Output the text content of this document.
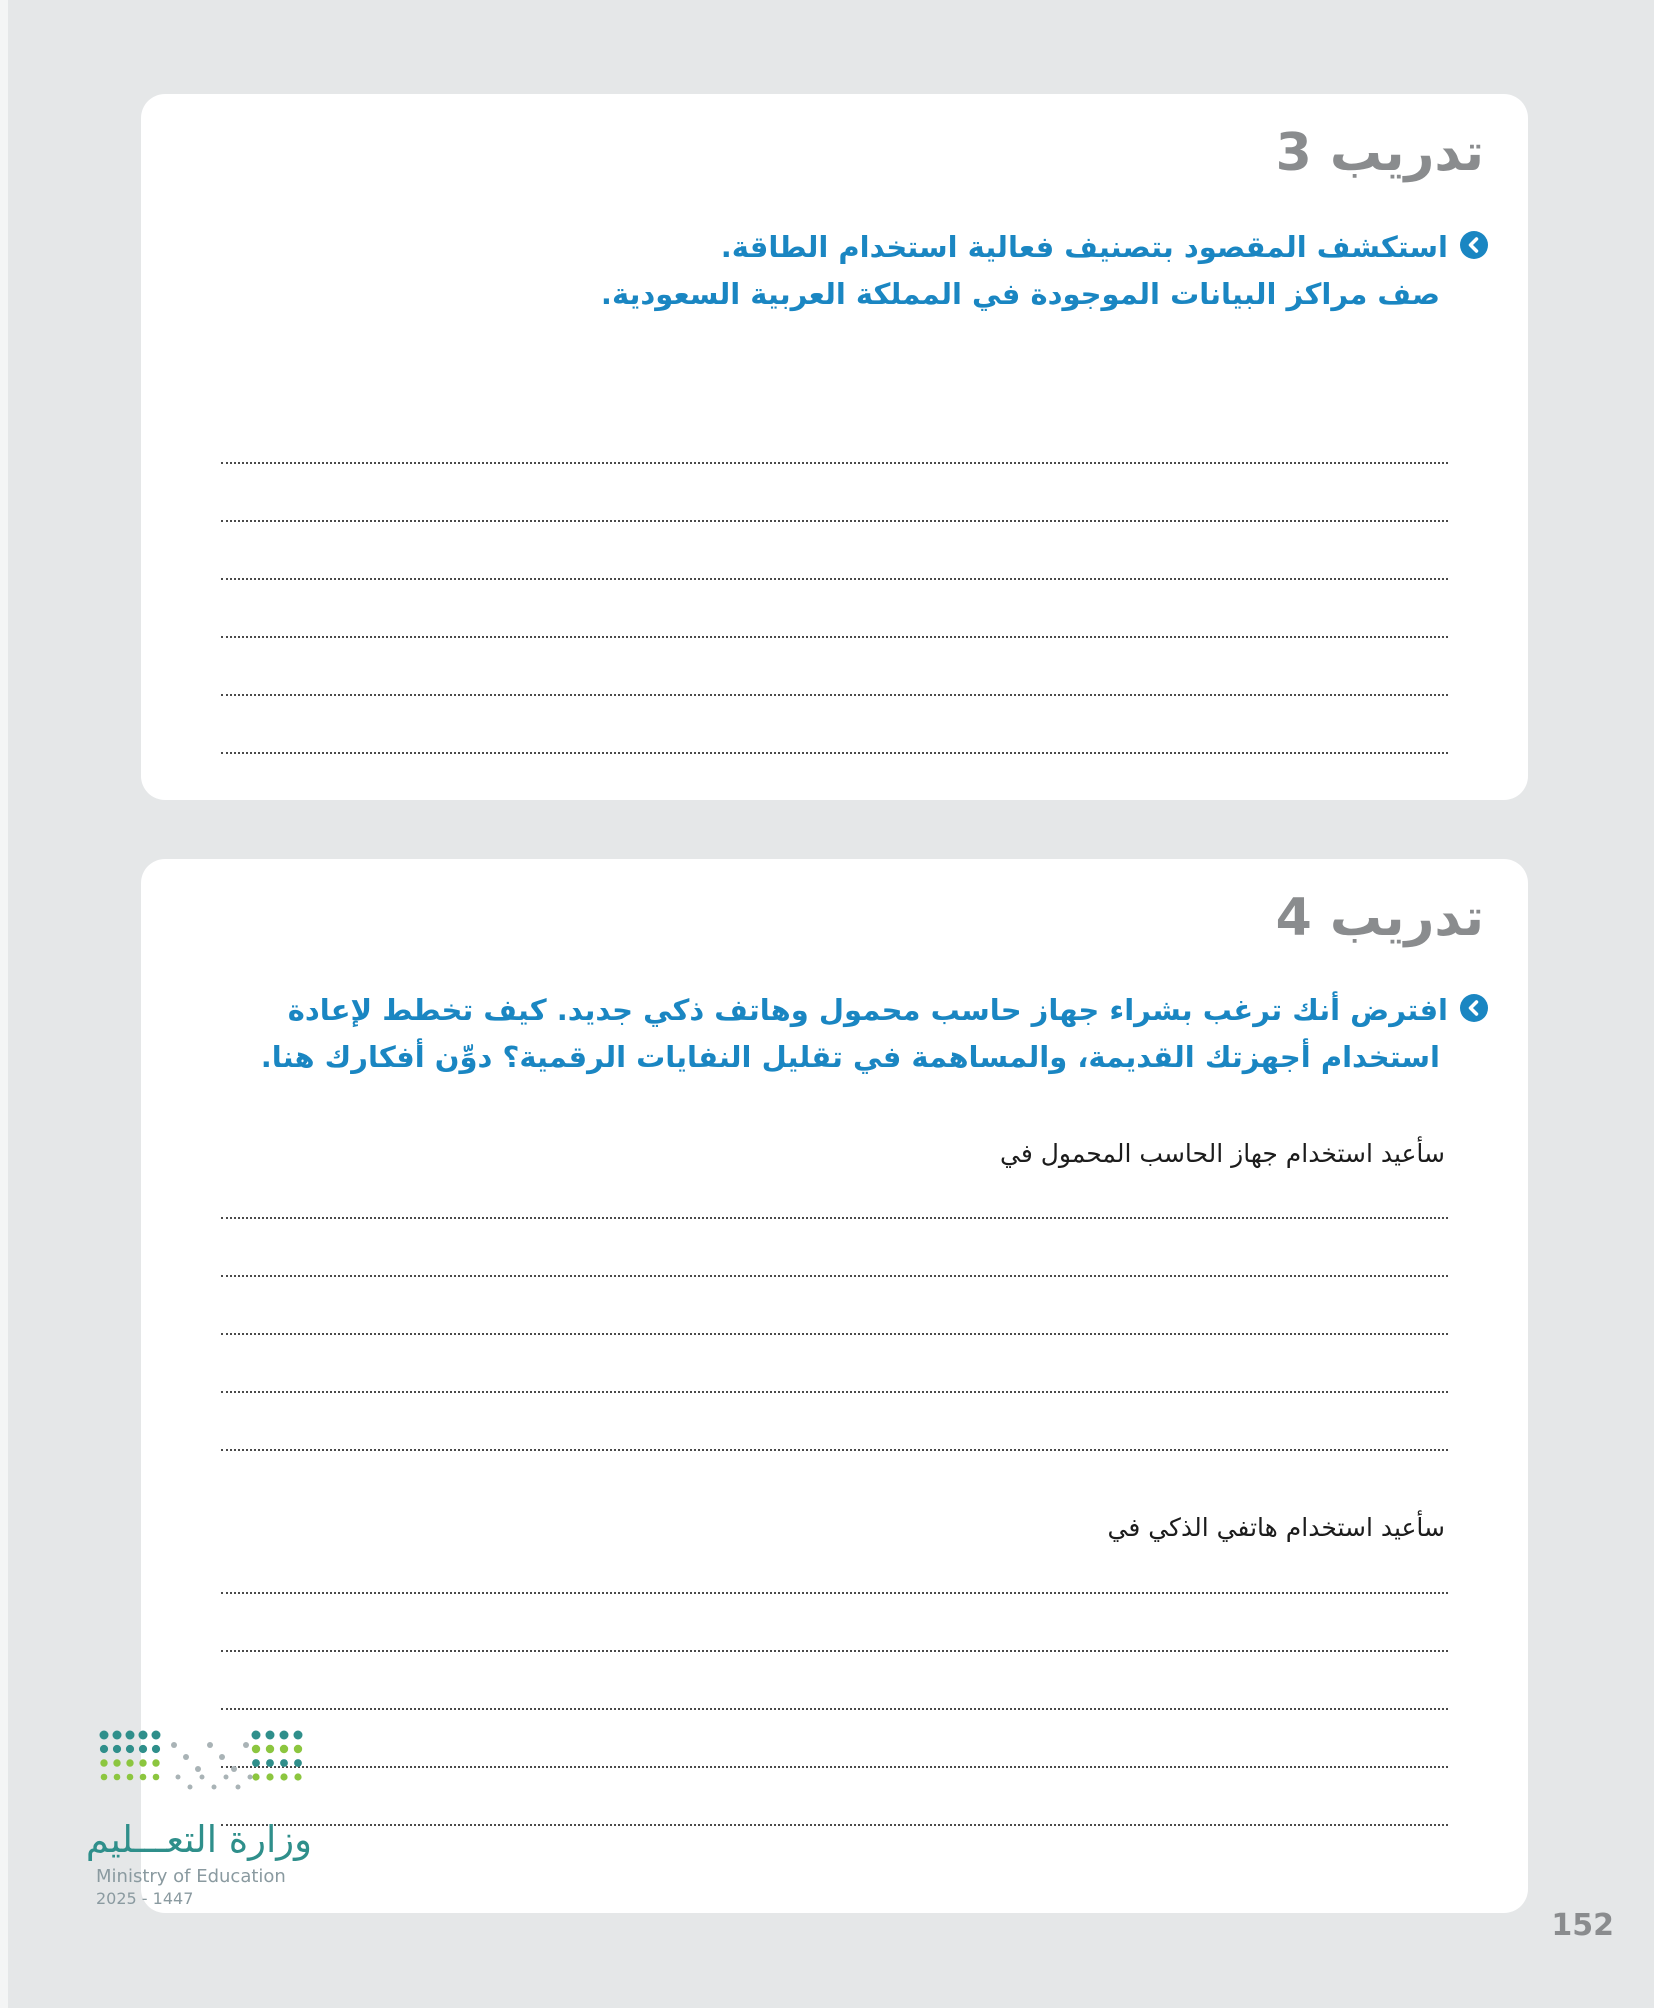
تدريب 3
استكشف المقصود بتصنيف فعالية استخدام الطاقة.
صف مراكز البيانات الموجودة في المملكة العربية السعودية.
تدريب 4
افترض أنك ترغب بشراء جهاز حاسب محمول وهاتف ذكي جديد. كيف تخطط لإعادة
استخدام أجهزتك القديمة، والمساهمة في تقليل النفايات الرقمية؟ دوِّن أفكارك هنا.
سأعيد استخدام جهاز الحاسب المحمول في
سأعيد استخدام هاتفي الذكي في
وزارة التعـــليم
Ministry of Education
2025 - 1447
152
